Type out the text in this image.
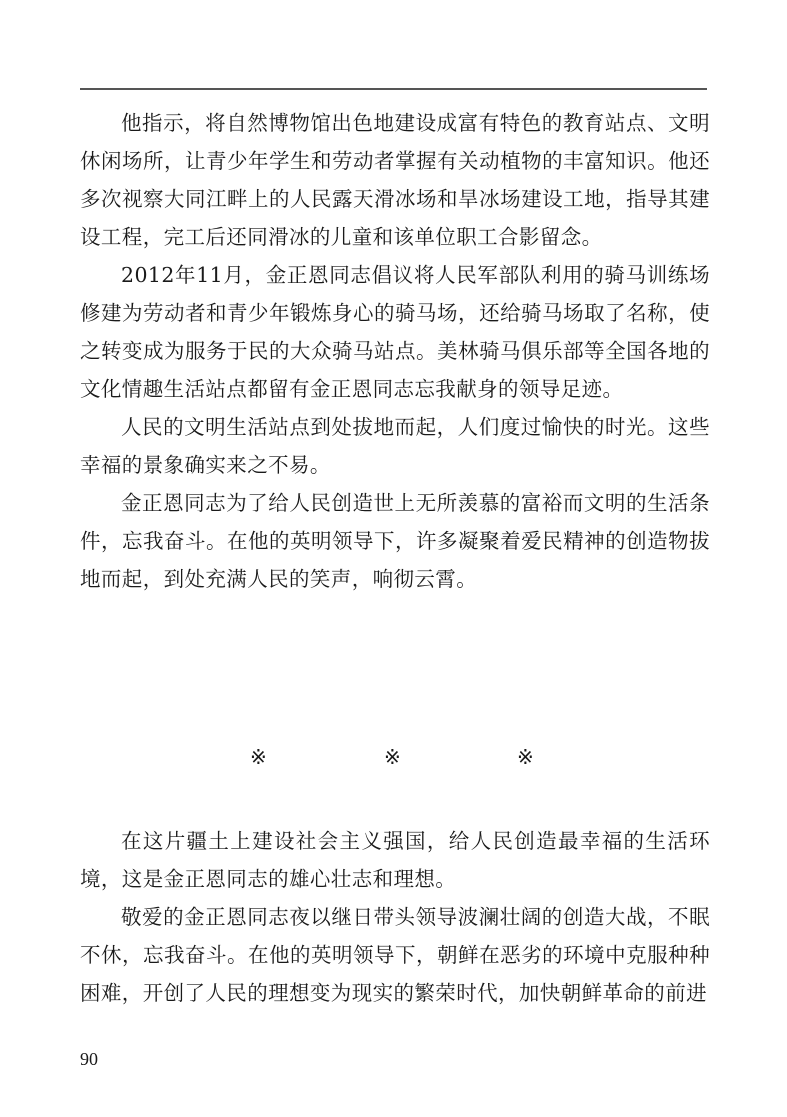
他指示，将自然博物馆出色地建设成富有特色的教育站点、文明休闲场所，让青少年学生和劳动者掌握有关动植物的丰富知识。他还多次视察大同江畔上的人民露天滑冰场和旱冰场建设工地，指导其建设工程，完工后还同滑冰的儿童和该单位职工合影留念。

2012年11月，金正恩同志倡议将人民军部队利用的骑马训练场修建为劳动者和青少年锻炼身心的骑马场，还给骑马场取了名称，使之转变成为服务于民的大众骑马站点。美林骑马俱乐部等全国各地的文化情趣生活站点都留有金正恩同志忘我献身的领导足迹。

人民的文明生活站点到处拔地而起，人们度过愉快的时光。这些幸福的景象确实来之不易。

金正恩同志为了给人民创造世上无所羡慕的富裕而文明的生活条件，忘我奋斗。在他的英明领导下，许多凝聚着爱民精神的创造物拔地而起，到处充满人民的笑声，响彻云霄。

※	※	※

在这片疆土上建设社会主义强国，给人民创造最幸福的生活环境，这是金正恩同志的雄心壮志和理想。

敬爱的金正恩同志夜以继日带头领导波澜壮阔的创造大战，不眠不休，忘我奋斗。在他的英明领导下，朝鲜在恶劣的环境中克服种种困难，开创了人民的理想变为现实的繁荣时代，加快朝鲜革命的前进

90
